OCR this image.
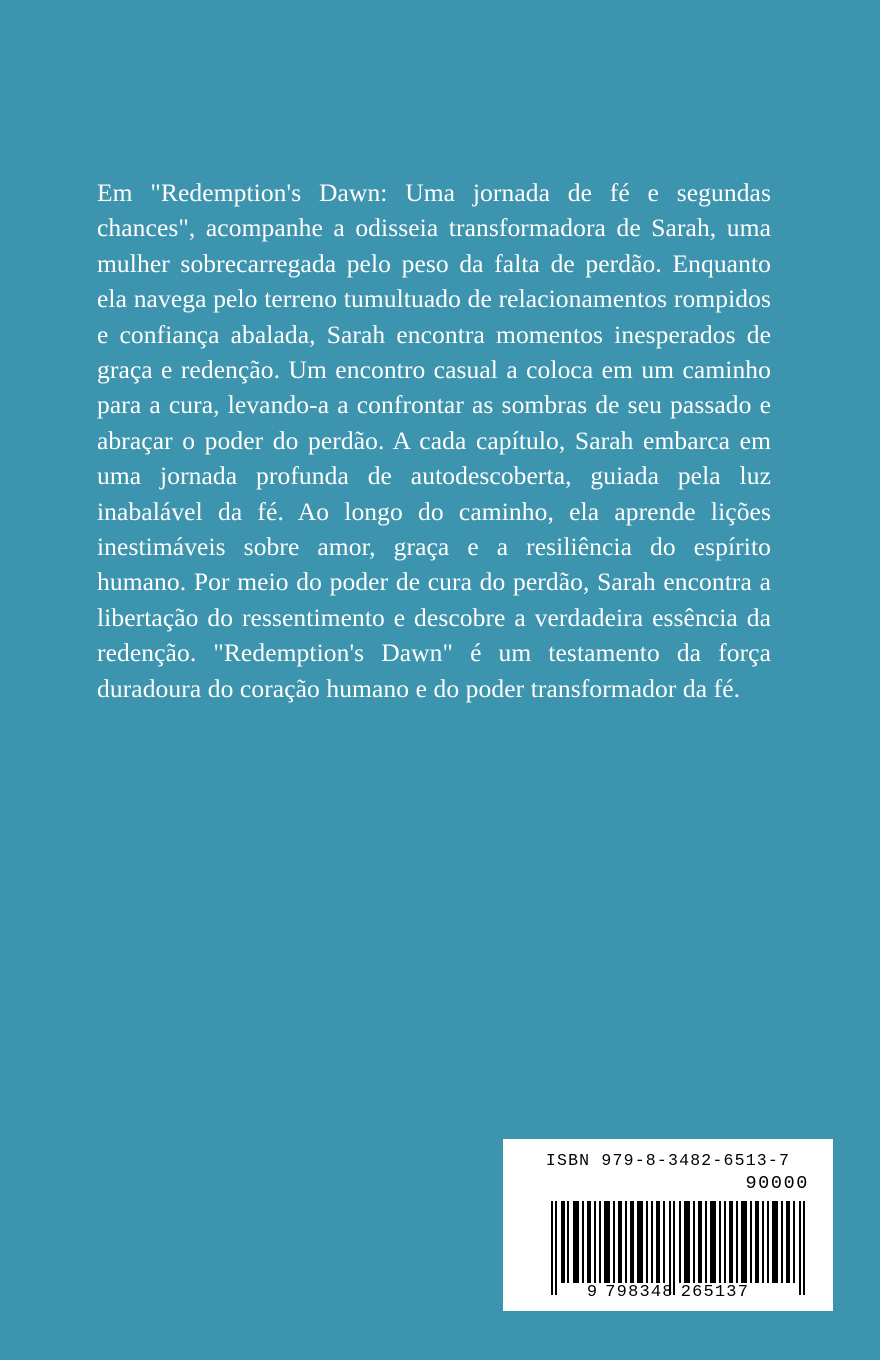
Em "Redemption's Dawn: Uma jornada de fé e segundas chances", acompanhe a odisseia transformadora de Sarah, uma mulher sobrecarregada pelo peso da falta de perdão. Enquanto ela navega pelo terreno tumultuado de relacionamentos rompidos e confiança abalada, Sarah encontra momentos inesperados de graça e redenção. Um encontro casual a coloca em um caminho para a cura, levando-a a confrontar as sombras de seu passado e abraçar o poder do perdão. A cada capítulo, Sarah embarca em uma jornada profunda de autodescoberta, guiada pela luz inabalável da fé. Ao longo do caminho, ela aprende lições inestimáveis sobre amor, graça e a resiliência do espírito humano. Por meio do poder de cura do perdão, Sarah encontra a libertação do ressentimento e descobre a verdadeira essência da redenção. "Redemption's Dawn" é um testamento da força duradoura do coração humano e do poder transformador da fé.
ISBN 979-8-3482-6513-7
90000
9 798348 265137
